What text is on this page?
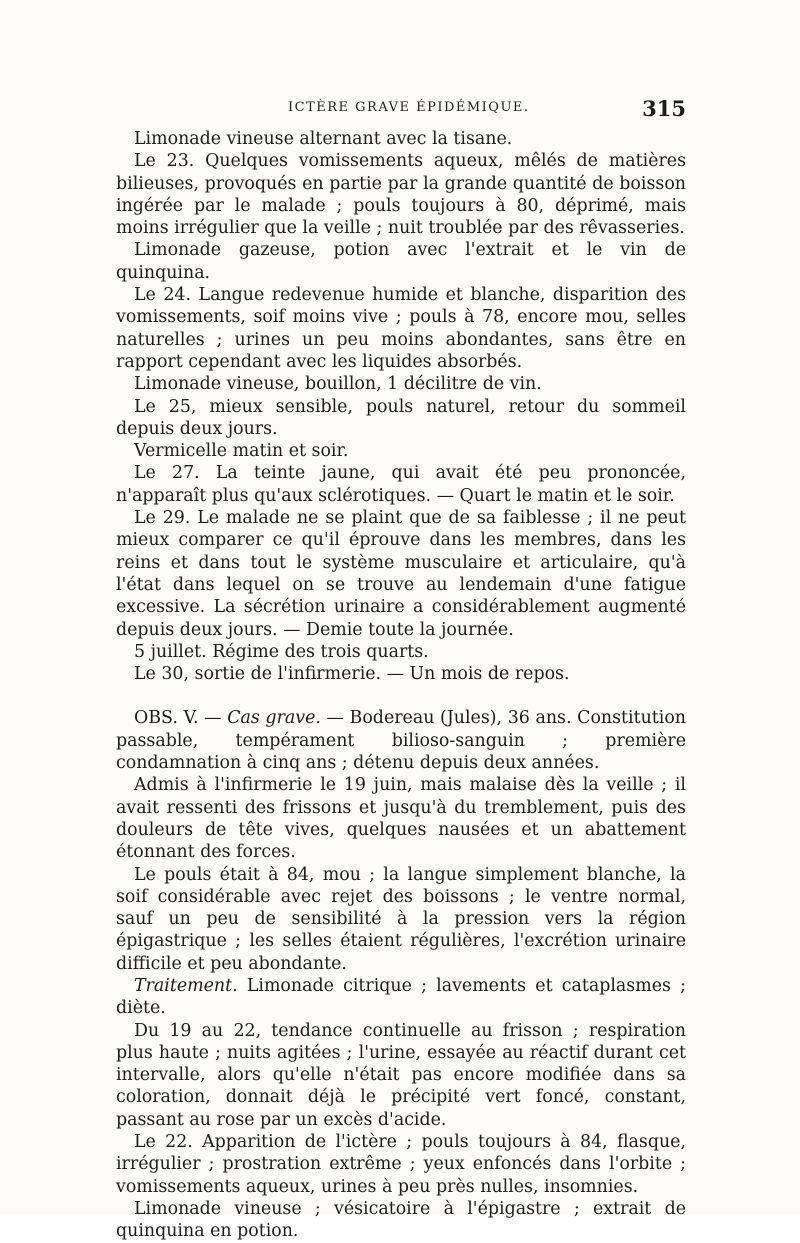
ICTÈRE GRAVE ÉPIDÉMIQUE.	315

Limonade vineuse alternant avec la tisane.

Le 23. Quelques vomissements aqueux, mêlés de matières bilieuses, provoqués en partie par la grande quantité de boisson ingérée par le malade ; pouls toujours à 80, déprimé, mais moins irrégulier que la veille ; nuit troublée par des rêvasseries.

Limonade gazeuse, potion avec l'extrait et le vin de quinquina.

Le 24. Langue redevenue humide et blanche, disparition des vomissements, soif moins vive ; pouls à 78, encore mou, selles naturelles ; urines un peu moins abondantes, sans être en rapport cependant avec les liquides absorbés.

Limonade vineuse, bouillon, 1 décilitre de vin.

Le 25, mieux sensible, pouls naturel, retour du sommeil depuis deux jours.

Vermicelle matin et soir.

Le 27. La teinte jaune, qui avait été peu prononcée, n'apparaît plus qu'aux sclérotiques. — Quart le matin et le soir.

Le 29. Le malade ne se plaint que de sa faiblesse ; il ne peut mieux comparer ce qu'il éprouve dans les membres, dans les reins et dans tout le système musculaire et articulaire, qu'à l'état dans lequel on se trouve au lendemain d'une fatigue excessive. La sécrétion urinaire a considérablement augmenté depuis deux jours. — Demie toute la journée.

5 juillet. Régime des trois quarts.

Le 30, sortie de l'infirmerie. — Un mois de repos.

OBS. V. — Cas grave. — Bodereau (Jules), 36 ans. Constitution passable, tempérament bilioso-sanguin ; première condamnation à cinq ans ; détenu depuis deux années.

Admis à l'infirmerie le 19 juin, mais malaise dès la veille ; il avait ressenti des frissons et jusqu'à du tremblement, puis des douleurs de tête vives, quelques nausées et un abattement étonnant des forces.

Le pouls était à 84, mou ; la langue simplement blanche, la soif considérable avec rejet des boissons ; le ventre normal, sauf un peu de sensibilité à la pression vers la région épigastrique ; les selles étaient régulières, l'excrétion urinaire difficile et peu abondante.

Traitement. Limonade citrique ; lavements et cataplasmes ; diète.

Du 19 au 22, tendance continuelle au frisson ; respiration plus haute ; nuits agitées ; l'urine, essayée au réactif durant cet intervalle, alors qu'elle n'était pas encore modifiée dans sa coloration, donnait déjà le précipité vert foncé, constant, passant au rose par un excès d'acide.

Le 22. Apparition de l'ictère ; pouls toujours à 84, flasque, irrégulier ; prostration extrême ; yeux enfoncés dans l'orbite ; vomissements aqueux, urines à peu près nulles, insomnies.

Limonade vineuse ; vésicatoire à l'épigastre ; extrait de quinquina en potion.
